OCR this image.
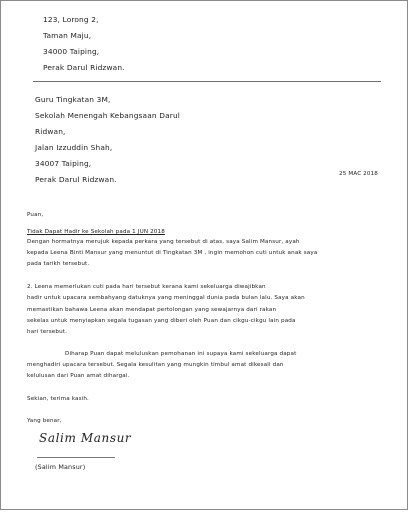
123, Lorong 2,
Taman Maju,
34000 Taiping,
Perak Darul Ridzwan.
Guru Tingkatan 3M,
Sekolah Menengah Kebangsaan Darul
Ridwan,
Jalan Izzuddin Shah,
34007 Taiping,
Perak Darul Ridzwan.
25 MAC 2018
Puan,
Tidak Dapat Hadir ke Sekolah pada 1 JUN 2018
Dengan hormatnya merujuk kepada perkara yang tersebut di atas, saya Salim Mansur, ayah
kepada Leena Binti Mansur yang menuntut di Tingkatan 3M , ingin memohon cuti untuk anak saya
pada tarikh tersebut.
2. Leena memerlukan cuti pada hari tersebut kerana kami sekeluarga diwajibkan
hadir untuk upacara sembahyang datuknya yang meninggal dunia pada bulan lalu. Saya akan
memastikan bahawa Leena akan mendapat pertolongan yang sewajarnya dari rakan
sekelas untuk menyiapkan segala tugasan yang diberi oleh Puan dan cikgu-cikgu lain pada
hari tersebut.
Diharap Puan dapat meluluskan pemohanan ini supaya kami sekeluarga dapat
menghadiri upacara tersebut. Segala kesulitan yang mungkin timbul amat dikesali dan
kelulusan dari Puan amat dihargai.
Sekian, terima kasih.
Yang benar,
Salim Mansur
(Salim Mansur)
